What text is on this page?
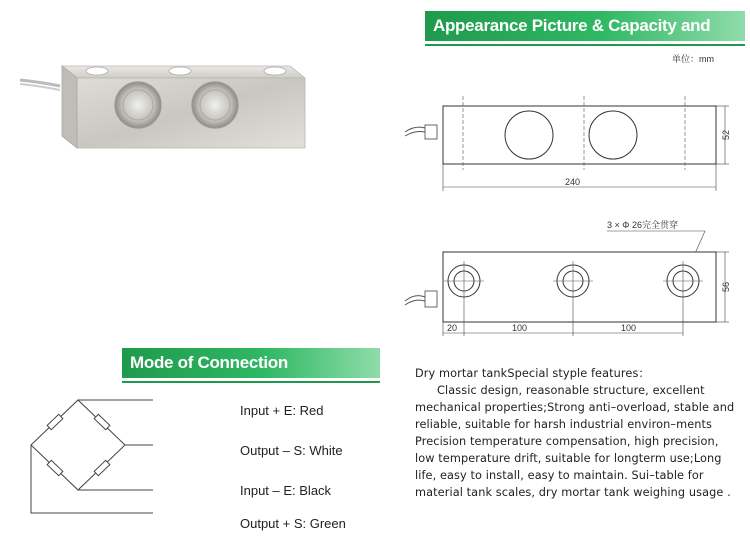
Appearance Picture & Capacity and Size	单位：mm
52
240
3 × Φ 26完全贯穿
56
20	100	100
Mode of Connection
Input + E: Red
Output – S: White
Input – E: Black
Output + S: Green
Dry mortar tankSpecial styple features：
Classic design, reasonable structure, excellent mechanical properties;Strong anti–overload, stable and reliable, suitable for harsh industrial environ–ments Precision temperature compensation, high precision, low temperature drift, suitable for longterm use;Long life, easy to install, easy to maintain. Sui–table for material tank scales, dry mortar tank weighing usage .
